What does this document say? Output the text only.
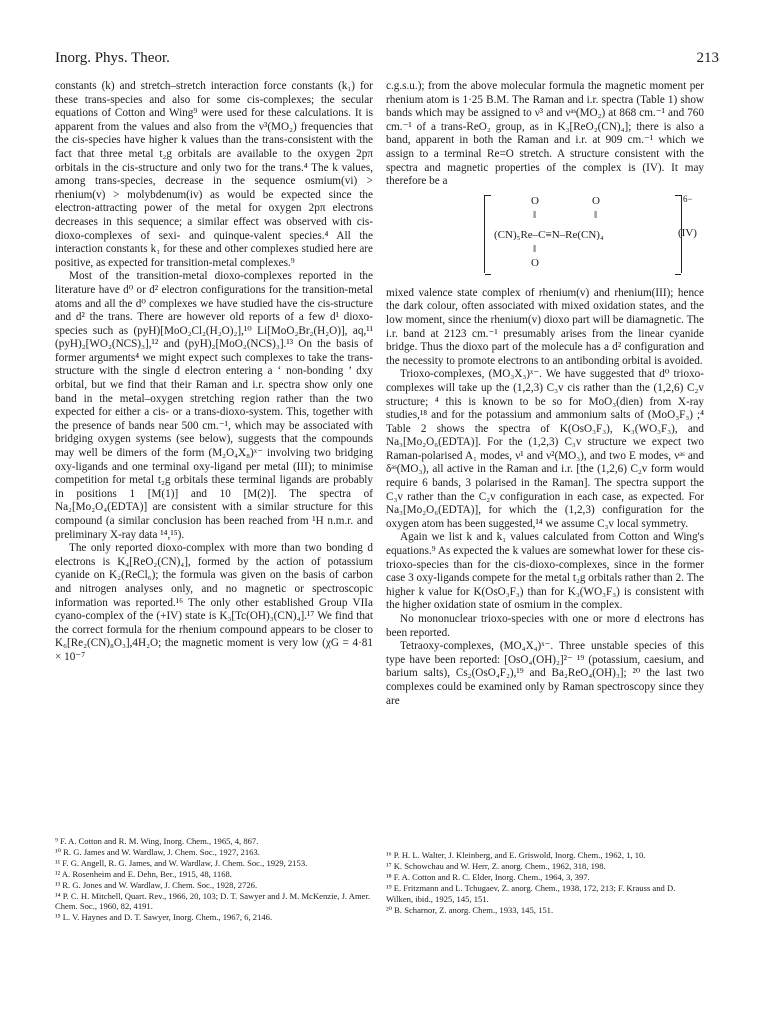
Inorg. Phys. Theor.	213

constants (k) and stretch–stretch interaction force constants (k₁) for these trans-species and also for some cis-complexes; the secular equations of Cotton and Wing⁹ were used for these calculations. It is apparent from the values and also from the ν³(MO₂) frequencies that the cis-species have higher k values than the trans-consistent with the fact that three metal t₂g orbitals are available to the oxygen 2pπ orbitals in the cis-structure and only two for the trans.⁴ The k values, among trans-species, decrease in the sequence osmium(vi) > rhenium(v) > molybdenum(iv) as would be expected since the electron-attracting power of the metal for oxygen 2pπ electrons decreases in this sequence; a similar effect was observed with cis-dioxo-complexes of sexi- and quinque-valent species.⁴ All the interaction constants k₁ for these and other complexes studied here are positive, as expected for transition-metal complexes.⁹

Most of the transition-metal dioxo-complexes reported in the literature have d⁰ or d² electron configurations for the transition-metal atoms and all the d⁰ complexes we have studied have the cis-structure and d² the trans. There are however old reports of a few d¹ dioxo-species such as (pyH)[MoO₂Cl₂(H₂O)₂],¹⁰ Li[MoO₂Br₂(H₂O)], aq,¹¹ (pyH)₂[WO₂(NCS)₃],¹² and (pyH)₂[MoO₂(NCS)₃].¹³ On the basis of former arguments⁴ we might expect such complexes to take the trans-structure with the single d electron entering a ‘ non-bonding ’ dxy orbital, but we find that their Raman and i.r. spectra show only one band in the metal–oxygen stretching region rather than the two expected for either a cis- or a trans-dioxo-system. This, together with the presence of bands near 500 cm.⁻¹, which may be associated with bridging oxygen systems (see below), suggests that the compounds may well be dimers of the form (M₂O₄X₈)ˣ⁻ involving two bridging oxy-ligands and one terminal oxy-ligand per metal (III); to minimise competition for metal t₂g orbitals these terminal ligands are probably in positions 1 [M(1)] and 10 [M(2)]. The spectra of Na₂[Mo₂O₄(EDTA)] are consistent with a similar structure for this compound (a similar conclusion has been reached from ¹H n.m.r. and preliminary X-ray data ¹⁴,¹⁵).

The only reported dioxo-complex with more than two bonding d electrons is K₄[ReO₂(CN)₄], formed by the action of potassium cyanide on K₂(ReCl₆); the formula was given on the basis of carbon and nitrogen analyses only, and no magnetic or spectroscopic information was reported.¹⁶ The only other established Group VIIa cyano-complex of the (+IV) state is K₃[Tc(OH)₃(CN)₄].¹⁷ We find that the correct formula for the rhenium compound appears to be closer to K₆[Re₂(CN)₈O₃],4H₂O; the magnetic moment is very low (χG = 4·81 × 10⁻⁷

c.g.s.u.); from the above molecular formula the magnetic moment per rhenium atom is 1·25 B.M. The Raman and i.r. spectra (Table 1) show bands which may be assigned to ν³ and νᵃˢ(MO₂) at 868 cm.⁻¹ and 760 cm.⁻¹ of a trans-ReO₂ group, as in K₃[ReO₂(CN)₄]; there is also a band, apparent in both the Raman and i.r. at 909 cm.⁻¹ which we assign to a terminal Re=O stretch. A structure consistent with the spectra and magnetic properties of the complex is (IV). It may therefore be a

O	O
‖	‖
6−
(CN)₅Re–C≡N–Re(CN)₄
‖
O
(IV)

mixed valence state complex of rhenium(v) and rhenium(III); hence the dark colour, often associated with mixed oxidation states, and the low moment, since the rhenium(v) dioxo part will be diamagnetic. The i.r. band at 2123 cm.⁻¹ presumably arises from the linear cyanide bridge. Thus the dioxo part of the molecule has a d² configuration and the necessity to promote electrons to an antibonding orbital is avoided.

Trioxo-complexes, (MO₃X₃)ˣ⁻. We have suggested that d⁰ trioxo-complexes will take up the (1,2,3) C₃v cis rather than the (1,2,6) C₂v structure; ⁴ this is known to be so for MoO₃(dien) from X-ray studies,¹⁸ and for the potassium and ammonium salts of (MoO₃F₃) ;⁴ Table 2 shows the spectra of K(OsO₃F₃), K₃(WO₃F₃), and Na₃[Mo₂O₆(EDTA)]. For the (1,2,3) C₃v structure we expect two Raman-polarised A₁ modes, ν¹ and ν²(MO₃), and two E modes, νᵃˢ and δᵃˢ(MO₃), all active in the Raman and i.r. [the (1,2,6) C₂v form would require 6 bands, 3 polarised in the Raman]. The spectra support the C₃v rather than the C₂v configuration in each case, as expected. For Na₃[Mo₂O₆(EDTA)], for which the (1,2,3) configuration for the oxygen atom has been suggested,¹⁴ we assume C₃v local symmetry.

Again we list k and k₁ values calculated from Cotton and Wing's equations.⁹ As expected the k values are somewhat lower for these cis-trioxo-species than for the cis-dioxo-complexes, since in the former case 3 oxy-ligands compete for the metal t₂g orbitals rather than 2. The higher k value for K(OsO₃F₃) than for K₃(WO₃F₃) is consistent with the higher oxidation state of osmium in the complex.

No mononuclear trioxo-species with one or more d electrons has been reported.

Tetraoxy-complexes, (MO₄X₄)ˣ⁻. Three unstable species of this type have been reported: [OsO₄(OH)₂]²⁻ ¹⁹ (potassium, caesium, and barium salts), Cs₂(OsO₄F₂),¹⁹ and Ba₂ReO₄(OH)₃]; ²⁰ the last two complexes could be examined only by Raman spectroscopy since they are

⁹ F. A. Cotton and R. M. Wing, Inorg. Chem., 1965, 4, 867.
¹⁰ R. G. James and W. Wardlaw, J. Chem. Soc., 1927, 2163.
¹¹ F. G. Angell, R. G. James, and W. Wardlaw, J. Chem. Soc., 1929, 2153.
¹² A. Rosenheim and E. Dehn, Ber., 1915, 48, 1168.
¹³ R. G. Jones and W. Wardlaw, J. Chem. Soc., 1928, 2726.
¹⁴ P. C. H. Mitchell, Quart. Rev., 1966, 20, 103; D. T. Sawyer and J. M. McKenzie, J. Amer. Chem. Soc., 1960, 82, 4191.
¹⁵ L. V. Haynes and D. T. Sawyer, Inorg. Chem., 1967, 6, 2146.
¹⁶ P. H. L. Walter, J. Kleinberg, and E. Griswold, Inorg. Chem., 1962, 1, 10.
¹⁷ K. Schowchau and W. Herr, Z. anorg. Chem., 1962, 318, 198.
¹⁸ F. A. Cotton and R. C. Elder, Inorg. Chem., 1964, 3, 397.
¹⁹ E. Fritzmann and L. Tchugaev, Z. anorg. Chem., 1938, 172, 213; F. Krauss and D. Wilken, ibid., 1925, 145, 151.
²⁰ B. Scharnor, Z. anorg. Chem., 1933, 145, 151.
